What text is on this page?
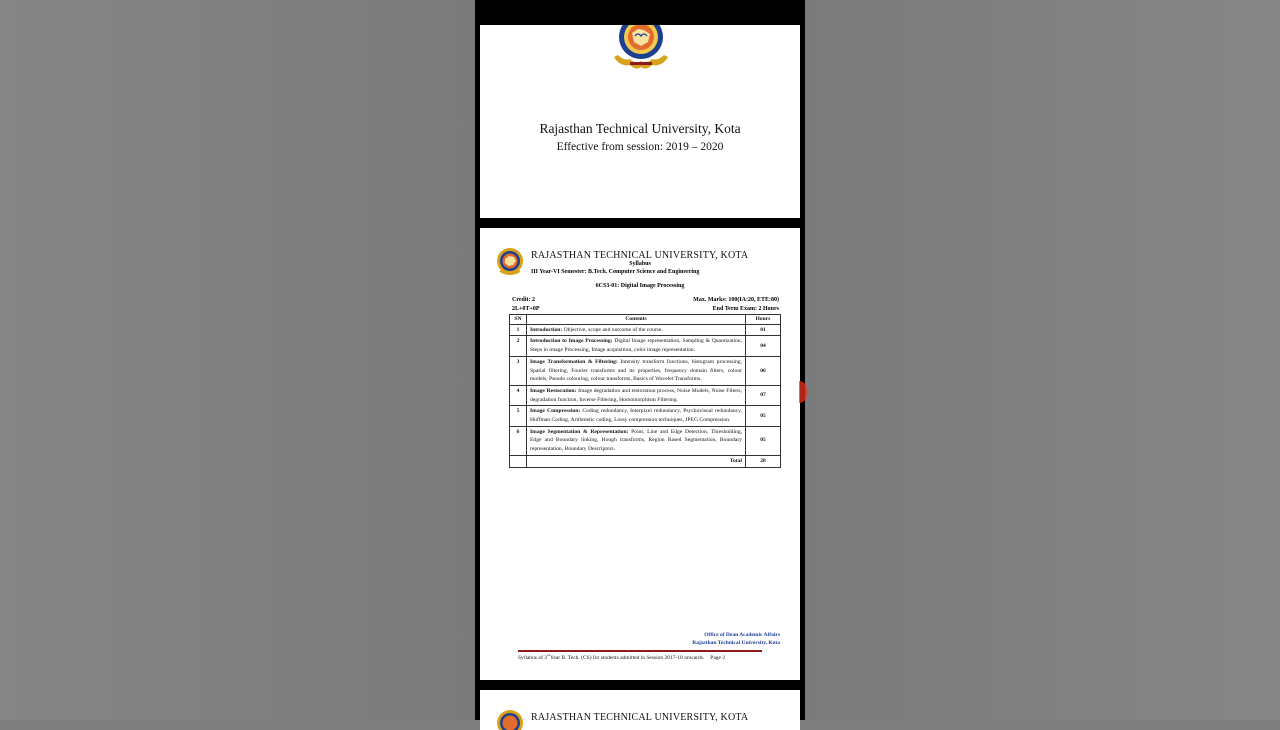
Rajasthan Technical University, Kota
Effective from session: 2019 – 2020
RAJASTHAN TECHNICAL UNIVERSITY, KOTA
Syllabus
III Year-VI Semester: B.Tech. Computer Science and Engineering
6CS3-01: Digital Image Processing
Credit: 2
2L+0T+0P
Max. Marks: 100(IA:20, ETE:80)
End Term Exam: 2 Hours
SN	Contents	Hours
1	Introduction: Objective, scope and outcome of the course.	01
2	Introduction to Image Processing: Digital Image representation, Sampling & Quantization, Steps in image Processing, Image acquisition, color image representation.	04
3	Image Transformation & Filtering: Intensity transform functions, histogram processing, Spatial filtering, Fourier transforms and its properties, frequency domain filters, colour models, Pseudo colouring, colour transforms, Basics of Wavelet Transforms.	06
4	Image Restoration: Image degradation and restoration process, Noise Models, Noise Filters, degradation function, Inverse Filtering, Homomorphism Filtering.	07
5	Image Compression: Coding redundancy, Interpixel redundancy, Psychovisual redundancy, Huffman Coding, Arithmetic coding, Lossy compression techniques, JPEG Compression.	05
6	Image Segmentation & Representation: Point, Line and Edge Detection, Thresholding, Edge and Boundary linking, Hough transforms, Region Based Segmentation, Boundary representation, Boundary Descriptors.	05
	Total	28
Office of Dean Academic Affairs
Rajasthan Technical University, Kota
Syllabus of 3rdYear B. Tech. (CS) for students admitted in Session 2017-18 onwards. Page 2
RAJASTHAN TECHNICAL UNIVERSITY, KOTA
